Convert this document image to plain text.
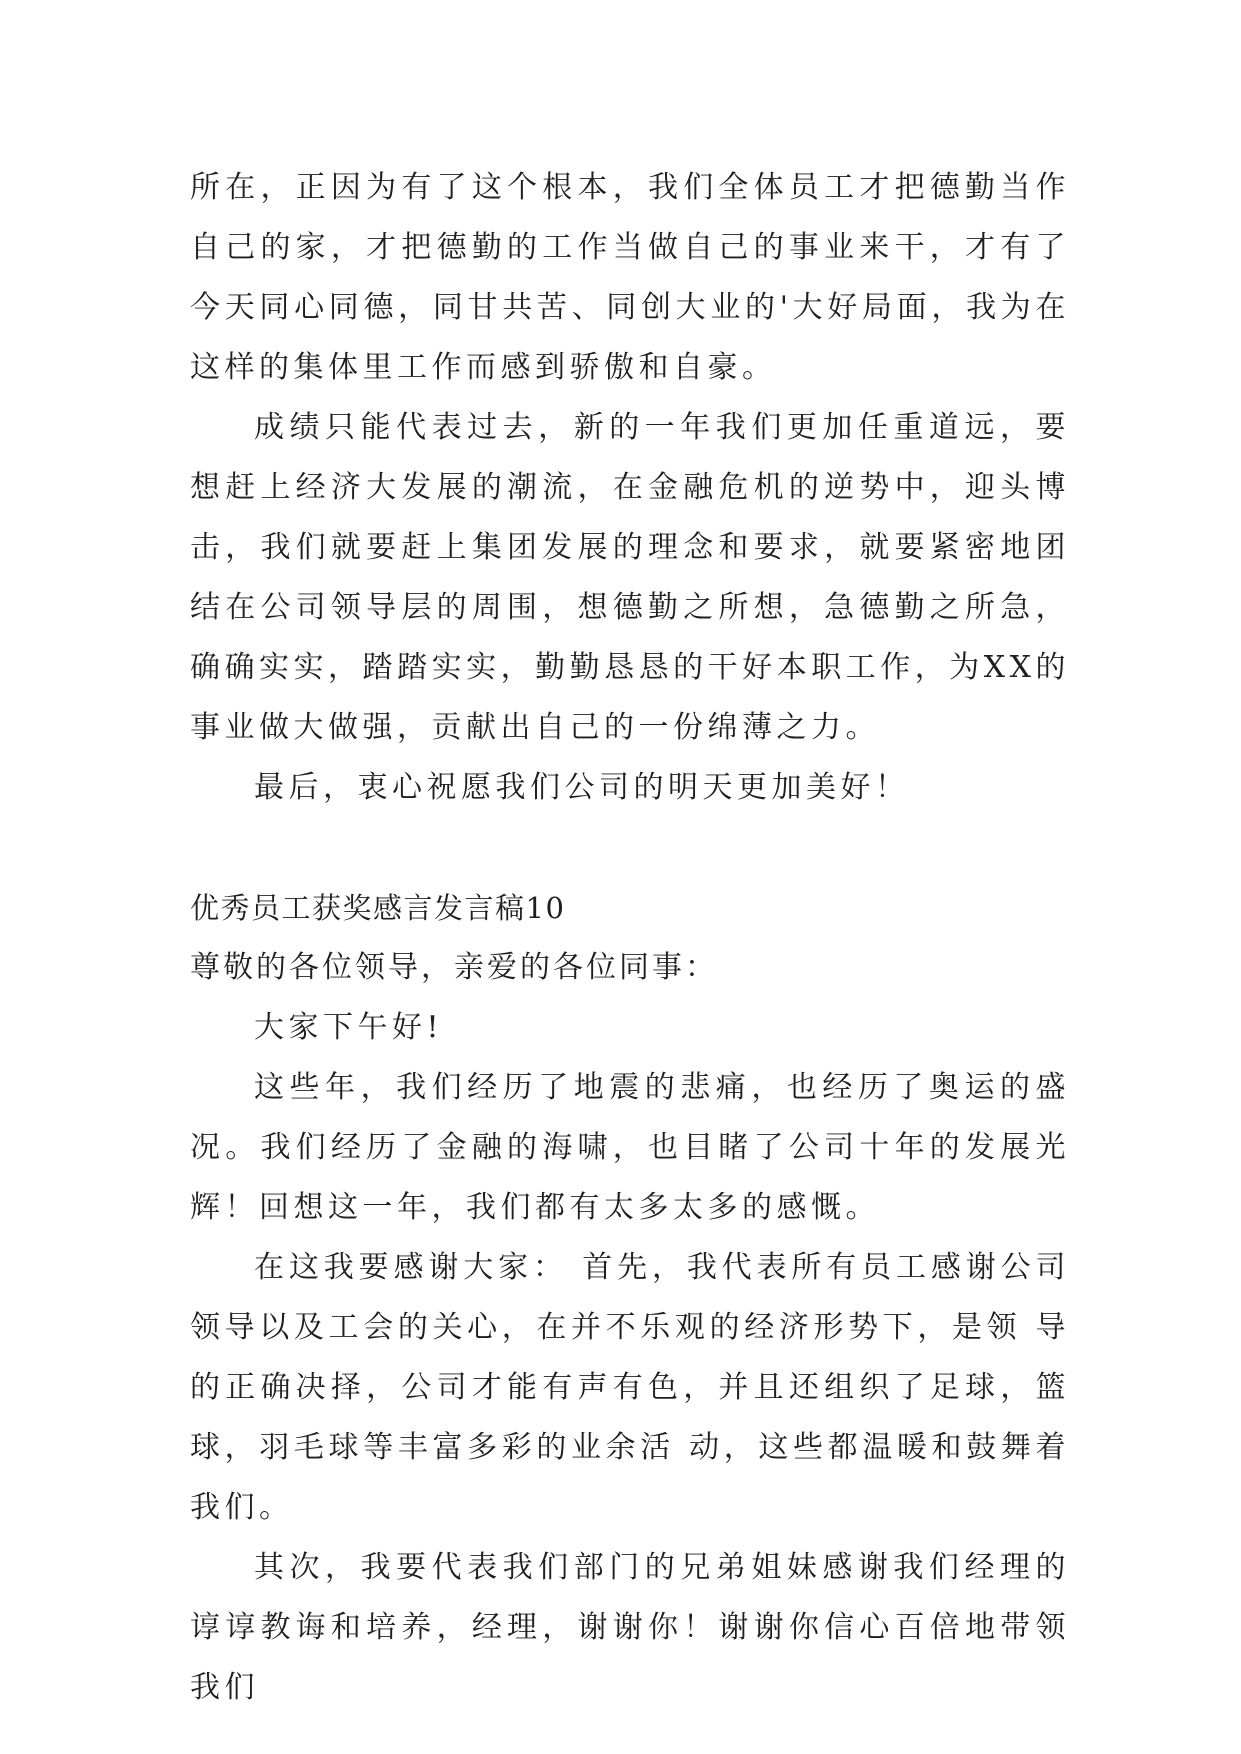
所在，正因为有了这个根本，我们全体员工才把德勤当作自己的家，才把德勤的工作当做自己的事业来干，才有了今天同心同德，同甘共苦、同创大业的'大好局面，我为在这样的集体里工作而感到骄傲和自豪。

成绩只能代表过去，新的一年我们更加任重道远，要想赶上经济大发展的潮流，在金融危机的逆势中，迎头博击，我们就要赶上集团发展的理念和要求，就要紧密地团结在公司领导层的周围，想德勤之所想，急德勤之所急，确确实实，踏踏实实，勤勤恳恳的干好本职工作，为XX的事业做大做强，贡献出自己的一份绵薄之力。

最后，衷心祝愿我们公司的明天更加美好！

优秀员工获奖感言发言稿10

尊敬的各位领导，亲爱的各位同事：

大家下午好!

这些年，我们经历了地震的悲痛，也经历了奥运的盛况。我们经历了金融的海啸，也目睹了公司十年的发展光辉！回想这一年，我们都有太多太多的感慨。

在这我要感谢大家： 首先，我代表所有员工感谢公司领导以及工会的关心，在并不乐观的经济形势下，是领 导的正确决择，公司才能有声有色，并且还组织了足球，篮球，羽毛球等丰富多彩的业余活 动，这些都温暖和鼓舞着我们。

其次，我要代表我们部门的兄弟姐妹感谢我们经理的谆谆教诲和培养，经理，谢谢你！谢谢你信心百倍地带领我们
